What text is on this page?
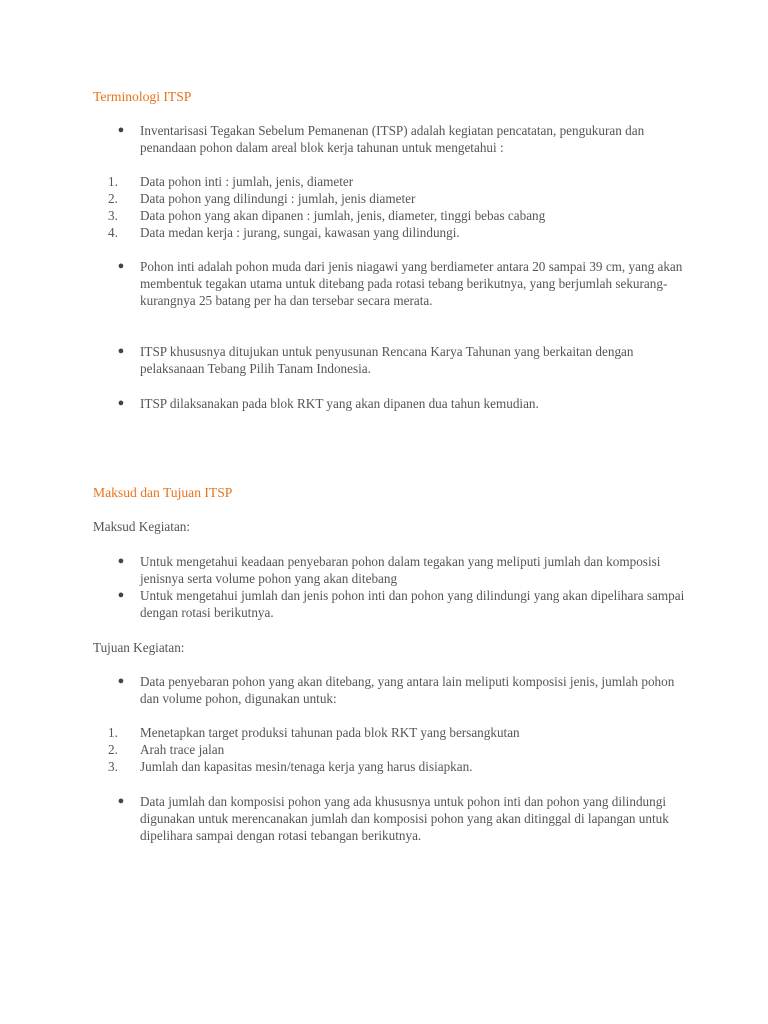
Terminologi ITSP
● Inventarisasi Tegakan Sebelum Pemanenan (ITSP) adalah kegiatan pencatatan, pengukuran dan penandaan pohon dalam areal blok kerja tahunan untuk mengetahui :
1.	Data pohon inti : jumlah, jenis, diameter
2.	Data pohon yang dilindungi : jumlah, jenis diameter
3.	Data pohon yang akan dipanen : jumlah, jenis, diameter, tinggi bebas cabang
4.	Data medan kerja : jurang, sungai, kawasan yang dilindungi.
● Pohon inti adalah pohon muda dari jenis niagawi yang berdiameter antara 20 sampai 39 cm, yang akan membentuk tegakan utama untuk ditebang pada rotasi tebang berikutnya, yang berjumlah sekurang-kurangnya 25 batang per ha dan tersebar secara merata.
● ITSP khususnya ditujukan untuk penyusunan Rencana Karya Tahunan yang berkaitan dengan pelaksanaan Tebang Pilih Tanam Indonesia.
● ITSP dilaksanakan pada blok RKT yang akan dipanen dua tahun kemudian.
Maksud dan Tujuan ITSP

Maksud Kegiatan:

● Untuk mengetahui keadaan penyebaran pohon dalam tegakan yang meliputi jumlah dan komposisi jenisnya serta volume pohon yang akan ditebang
● Untuk mengetahui jumlah dan jenis pohon inti dan pohon yang dilindungi yang akan dipelihara sampai dengan rotasi berikutnya.

Tujuan Kegiatan:

● Data penyebaran pohon yang akan ditebang, yang antara lain meliputi komposisi jenis, jumlah pohon dan volume pohon, digunakan untuk:
1.	Menetapkan target produksi tahunan pada blok RKT yang bersangkutan
2.	Arah trace jalan
3.	Jumlah dan kapasitas mesin/tenaga kerja yang harus disiapkan.
● Data jumlah dan komposisi pohon yang ada khususnya untuk pohon inti dan pohon yang dilindungi digunakan untuk merencanakan jumlah dan komposisi pohon yang akan ditinggal di lapangan untuk dipelihara sampai dengan rotasi tebangan berikutnya.
